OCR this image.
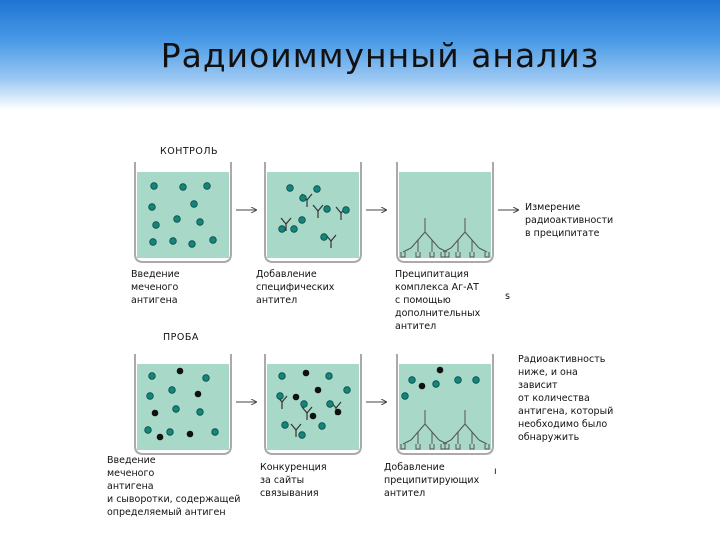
Радиоиммунный анализ
КОНТРОЛЬ
Введение
меченого
антигена
Добавление
специфических
антител
Преципитация
комплекса Аг-АТ
с помощью
дополнительных
антител
Измерение
радиоактивности
в преципитате
s
ПРОБА
Введение
меченого
антигена
и сыворотки, содержащей
определяемый антиген
Конкуренция
за сайты
связывания
Добавление
преципитирующих
антител
Радиоактивность
ниже, и она
зависит
от количества
антигена, который
необходимо было
обнаружить
ı
